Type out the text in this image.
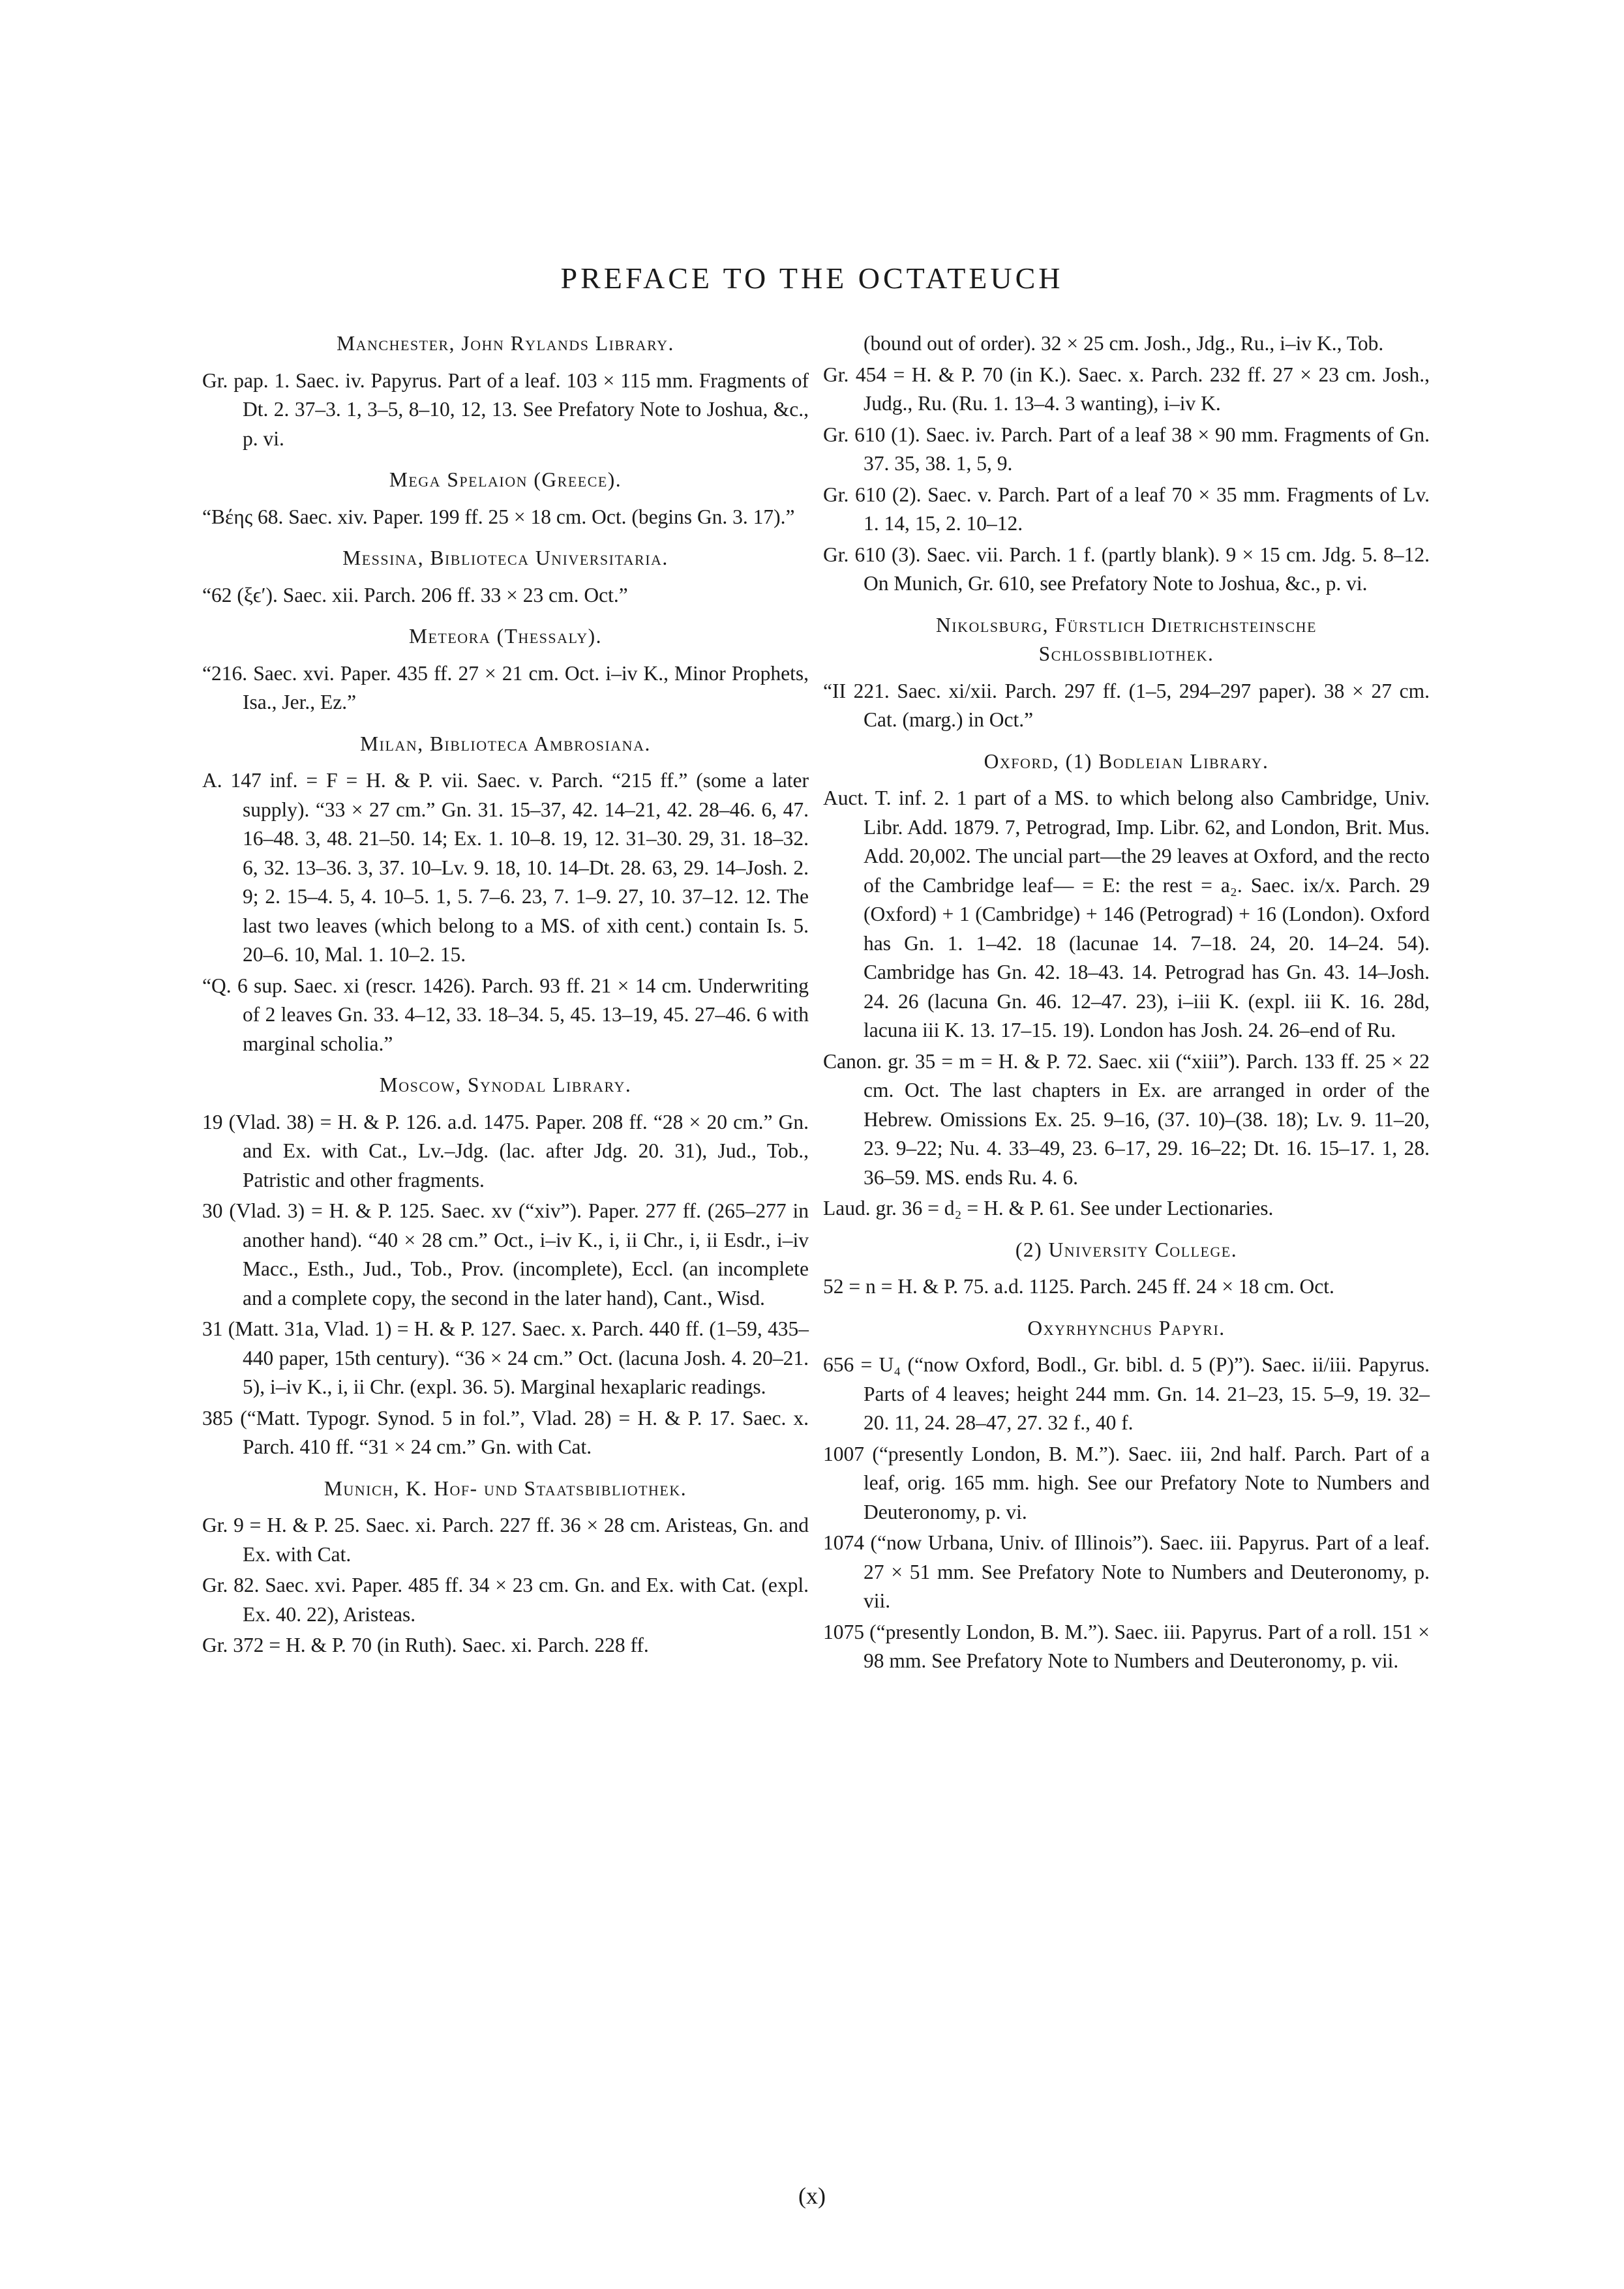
PREFACE TO THE OCTATEUCH
Manchester, John Rylands Library.
Gr. pap. 1. Saec. iv. Papyrus. Part of a leaf. 103 × 115 mm. Fragments of Dt. 2. 37–3. 1, 3–5, 8–10, 12, 13. See Prefatory Note to Joshua, &c., p. vi.
Mega Spelaion (Greece).
“Βέης 68. Saec. xiv. Paper. 199 ff. 25 × 18 cm. Oct. (begins Gn. 3. 17).”
Messina, Biblioteca Universitaria.
“62 (ξϵ′). Saec. xii. Parch. 206 ff. 33 × 23 cm. Oct.”
Meteora (Thessaly).
“216. Saec. xvi. Paper. 435 ff. 27 × 21 cm. Oct. i–iv K., Minor Prophets, Isa., Jer., Ez.”
Milan, Biblioteca Ambrosiana.
A. 147 inf. = F = H. & P. vii. Saec. v. Parch. “215 ff.” (some a later supply). “33 × 27 cm.” Gn. 31. 15–37, 42. 14–21, 42. 28–46. 6, 47. 16–48. 3, 48. 21–50. 14; Ex. 1. 10–8. 19, 12. 31–30. 29, 31. 18–32. 6, 32. 13–36. 3, 37. 10–Lv. 9. 18, 10. 14–Dt. 28. 63, 29. 14–Josh. 2. 9; 2. 15–4. 5, 4. 10–5. 1, 5. 7–6. 23, 7. 1–9. 27, 10. 37–12. 12. The last two leaves (which belong to a MS. of xith cent.) contain Is. 5. 20–6. 10, Mal. 1. 10–2. 15.
“Q. 6 sup. Saec. xi (rescr. 1426). Parch. 93 ff. 21 × 14 cm. Underwriting of 2 leaves Gn. 33. 4–12, 33. 18–34. 5, 45. 13–19, 45. 27–46. 6 with marginal scholia.”
Moscow, Synodal Library.
19 (Vlad. 38) = H. & P. 126. a.d. 1475. Paper. 208 ff. “28 × 20 cm.” Gn. and Ex. with Cat., Lv.–Jdg. (lac. after Jdg. 20. 31), Jud., Tob., Patristic and other fragments.
30 (Vlad. 3) = H. & P. 125. Saec. xv (“xiv”). Paper. 277 ff. (265–277 in another hand). “40 × 28 cm.” Oct., i–iv K., i, ii Chr., i, ii Esdr., i–iv Macc., Esth., Jud., Tob., Prov. (incomplete), Eccl. (an incomplete and a complete copy, the second in the later hand), Cant., Wisd.
31 (Matt. 31a, Vlad. 1) = H. & P. 127. Saec. x. Parch. 440 ff. (1–59, 435–440 paper, 15th century). “36 × 24 cm.” Oct. (lacuna Josh. 4. 20–21. 5), i–iv K., i, ii Chr. (expl. 36. 5). Marginal hexaplaric readings.
385 (“Matt. Typogr. Synod. 5 in fol.”, Vlad. 28) = H. & P. 17. Saec. x. Parch. 410 ff. “31 × 24 cm.” Gn. with Cat.
Munich, K. Hof- und Staatsbibliothek.
Gr. 9 = H. & P. 25. Saec. xi. Parch. 227 ff. 36 × 28 cm. Aristeas, Gn. and Ex. with Cat.
Gr. 82. Saec. xvi. Paper. 485 ff. 34 × 23 cm. Gn. and Ex. with Cat. (expl. Ex. 40. 22), Aristeas.
Gr. 372 = H. & P. 70 (in Ruth). Saec. xi. Parch. 228 ff.
(bound out of order). 32 × 25 cm. Josh., Jdg., Ru., i–iv K., Tob.
Gr. 454 = H. & P. 70 (in K.). Saec. x. Parch. 232 ff. 27 × 23 cm. Josh., Judg., Ru. (Ru. 1. 13–4. 3 wanting), i–iv K.
Gr. 610 (1). Saec. iv. Parch. Part of a leaf 38 × 90 mm. Fragments of Gn. 37. 35, 38. 1, 5, 9.
Gr. 610 (2). Saec. v. Parch. Part of a leaf 70 × 35 mm. Fragments of Lv. 1. 14, 15, 2. 10–12.
Gr. 610 (3). Saec. vii. Parch. 1 f. (partly blank). 9 × 15 cm. Jdg. 5. 8–12. On Munich, Gr. 610, see Prefatory Note to Joshua, &c., p. vi.
Nikolsburg, Fürstlich Dietrichsteinsche
Schlossbibliothek.
“II 221. Saec. xi/xii. Parch. 297 ff. (1–5, 294–297 paper). 38 × 27 cm. Cat. (marg.) in Oct.”
Oxford, (1) Bodleian Library.
Auct. T. inf. 2. 1 part of a MS. to which belong also Cambridge, Univ. Libr. Add. 1879. 7, Petrograd, Imp. Libr. 62, and London, Brit. Mus. Add. 20,002. The uncial part—the 29 leaves at Oxford, and the recto of the Cambridge leaf— = E: the rest = a₂. Saec. ix/x. Parch. 29 (Oxford) + 1 (Cambridge) + 146 (Petrograd) + 16 (London). Oxford has Gn. 1. 1–42. 18 (lacunae 14. 7–18. 24, 20. 14–24. 54). Cambridge has Gn. 42. 18–43. 14. Petrograd has Gn. 43. 14–Josh. 24. 26 (lacuna Gn. 46. 12–47. 23), i–iii K. (expl. iii K. 16. 28d, lacuna iii K. 13. 17–15. 19). London has Josh. 24. 26–end of Ru.
Canon. gr. 35 = m = H. & P. 72. Saec. xii (“xiii”). Parch. 133 ff. 25 × 22 cm. Oct. The last chapters in Ex. are arranged in order of the Hebrew. Omissions Ex. 25. 9–16, (37. 10)–(38. 18); Lv. 9. 11–20, 23. 9–22; Nu. 4. 33–49, 23. 6–17, 29. 16–22; Dt. 16. 15–17. 1, 28. 36–59. MS. ends Ru. 4. 6.
Laud. gr. 36 = d₂ = H. & P. 61. See under Lectionaries.
(2) University College.
52 = n = H. & P. 75. a.d. 1125. Parch. 245 ff. 24 × 18 cm. Oct.
Oxyrhynchus Papyri.
656 = U₄ (“now Oxford, Bodl., Gr. bibl. d. 5 (P)”). Saec. ii/iii. Papyrus. Parts of 4 leaves; height 244 mm. Gn. 14. 21–23, 15. 5–9, 19. 32–20. 11, 24. 28–47, 27. 32 f., 40 f.
1007 (“presently London, B. M.”). Saec. iii, 2nd half. Parch. Part of a leaf, orig. 165 mm. high. See our Prefatory Note to Numbers and Deuteronomy, p. vi.
1074 (“now Urbana, Univ. of Illinois”). Saec. iii. Papyrus. Part of a leaf. 27 × 51 mm. See Prefatory Note to Numbers and Deuteronomy, p. vii.
1075 (“presently London, B. M.”). Saec. iii. Papyrus. Part of a roll. 151 × 98 mm. See Prefatory Note to Numbers and Deuteronomy, p. vii.
(x)
